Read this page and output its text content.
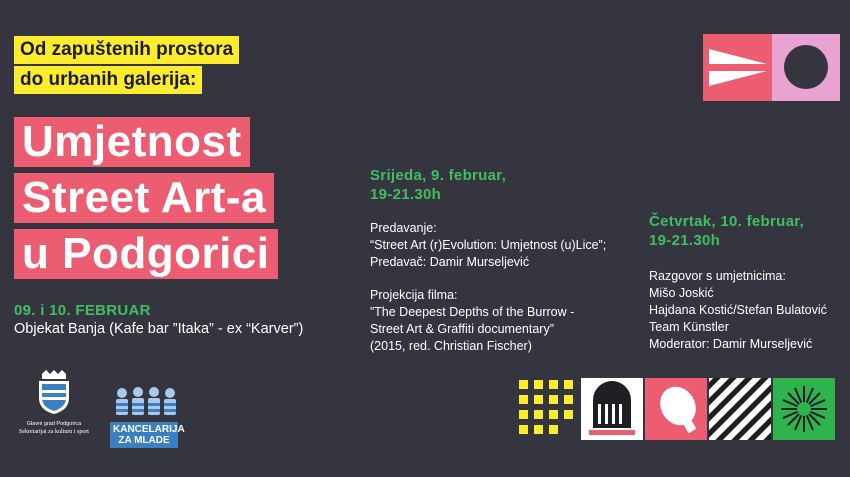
Od zapuštenih prostora
do urbanih galerija:
Umjetnost
Street Art-a
u Podgorici
09. i 10. FEBRUAR
Objekat Banja (Kafe bar ”Itaka” - ex “Karver”)
Srijeda, 9. februar,
19-21.30h
Predavanje:
“Street Art (r)Evolution: Umjetnost (u)Lice”;
Predavač: Damir Murseljević
Projekcija filma:
”The Deepest Depths of the Burrow -
Street Art & Graffiti documentary”
(2015, red. Christian Fischer)
Četvrtak, 10. februar,
19-21.30h
Razgovor s umjetnicima:
Mišo Joskić
Hajdana Kostić/Stefan Bulatović
Team Künstler
Moderator: Damir Murseljević
Glavni grad Podgorica
Sekretarijat za kulturu i sport	KANCELARIJA ZA MLADE
